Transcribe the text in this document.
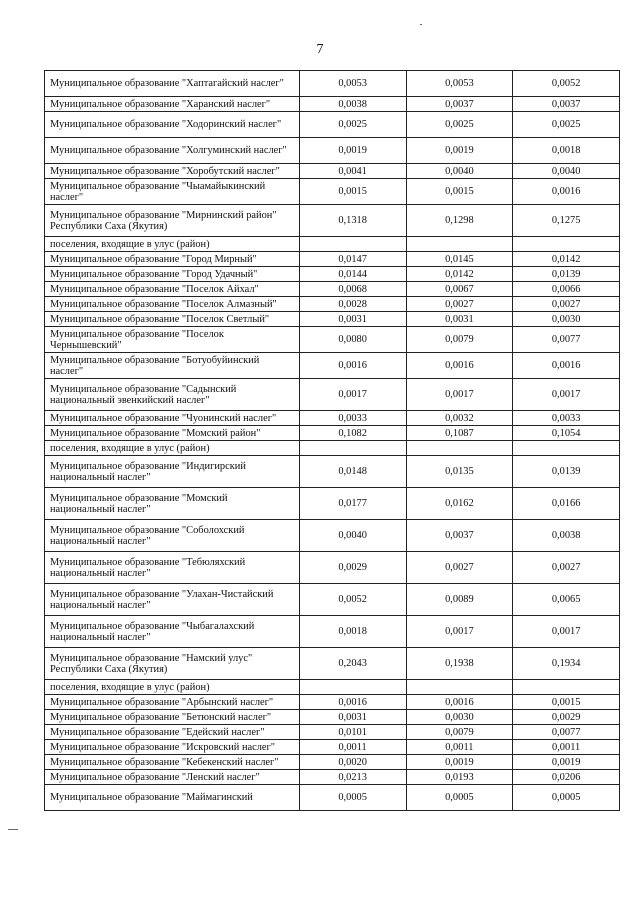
7
Муниципальное образование "Хаптагайский наслег"	0,0053	0,0053	0,0052
Муниципальное образование "Харанский наслег"	0,0038	0,0037	0,0037
Муниципальное образование "Ходоринский наслег"	0,0025	0,0025	0,0025
Муниципальное образование "Холгуминский наслег"	0,0019	0,0019	0,0018
Муниципальное образование "Хоробутский наслег"	0,0041	0,0040	0,0040
Муниципальное образование "Чыамайыкинский наслег"	0,0015	0,0015	0,0016
Муниципальное образование "Мирнинский район" Республики Саха (Якутия)	0,1318	0,1298	0,1275
поселения, входящие в улус (район)			
Муниципальное образование "Город Мирный"	0,0147	0,0145	0,0142
Муниципальное образование "Город Удачный"	0,0144	0,0142	0,0139
Муниципальное образование "Поселок Айхал"	0,0068	0,0067	0,0066
Муниципальное образование "Поселок Алмазный"	0,0028	0,0027	0,0027
Муниципальное образование "Поселок Светлый"	0,0031	0,0031	0,0030
Муниципальное образование "Поселок Чернышевский"	0,0080	0,0079	0,0077
Муниципальное образование "Ботуобуйинский наслег"	0,0016	0,0016	0,0016
Муниципальное образование "Садынский национальный эвенкийский наслег"	0,0017	0,0017	0,0017
Муниципальное образование "Чуонинский наслег"	0,0033	0,0032	0,0033
Муниципальное образование "Момский район"	0,1082	0,1087	0,1054
поселения, входящие в улус (район)			
Муниципальное образование "Индигирский национальный наслег"	0,0148	0,0135	0,0139
Муниципальное образование "Момский национальный наслег"	0,0177	0,0162	0,0166
Муниципальное образование "Соболохский национальный наслег"	0,0040	0,0037	0,0038
Муниципальное образование "Тебюляхский национальный наслег"	0,0029	0,0027	0,0027
Муниципальное образование "Улахан-Чистайский национальный наслег"	0,0052	0,0089	0,0065
Муниципальное образование "Чыбагалахский национальный наслег"	0,0018	0,0017	0,0017
Муниципальное образование "Намский улус" Республики Саха (Якутия)	0,2043	0,1938	0,1934
поселения, входящие в улус (район)			
Муниципальное образование "Арбынский наслег"	0,0016	0,0016	0,0015
Муниципальное образование "Бетюнский наслег"	0,0031	0,0030	0,0029
Муниципальное образование "Едейский наслег"	0,0101	0,0079	0,0077
Муниципальное образование "Искровский наслег"	0,0011	0,0011	0,0011
Муниципальное образование "Кебекенский наслег"	0,0020	0,0019	0,0019
Муниципальное образование "Ленский наслег"	0,0213	0,0193	0,0206
Муниципальное образование "Маймагинский	0,0005	0,0005	0,0005
